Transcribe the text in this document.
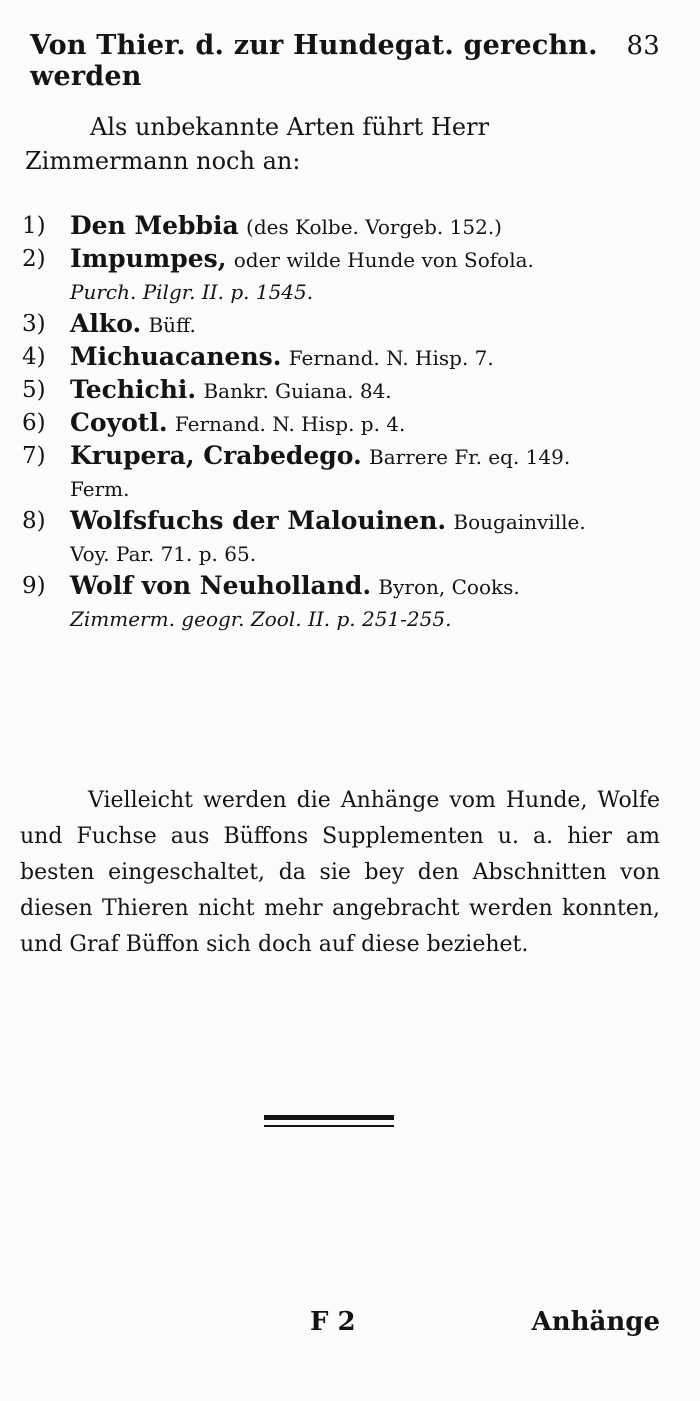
Von Thier. d. zur Hundegat. gerechn. werden
83
Als unbekannte Arten führt Herr Zimmermann noch an:
1) Den Mebbia (des Kolbe. Vorgeb. 152.)
2) Impumpes, oder wilde Hunde von Sofola.
Purch. Pilgr. II. p. 1545.
3) Alko. Büff.
4) Michuacanens. Fernand. N. Hisp. 7.
5) Techichi. Bankr. Guiana. 84.
6) Coyotl. Fernand. N. Hisp. p. 4.
7) Krupera, Crabedego. Barrere Fr. eq. 149.
Ferm.
8) Wolfsfuchs der Malouinen. Bougainville.
Voy. Par. 71. p. 65.
9) Wolf von Neuholland. Byron, Cooks.
Zimmerm. geogr. Zool. II. p. 251-255.
Vielleicht werden die Anhänge vom Hunde, Wolfe und Fuchse aus Büffons Supplementen u. a. hier am besten eingeschaltet, da sie bey den Abschnitten von diesen Thieren nicht mehr angebracht werden konnten, und Graf Büffon sich doch auf diese beziehet.
F 2	Anhänge
